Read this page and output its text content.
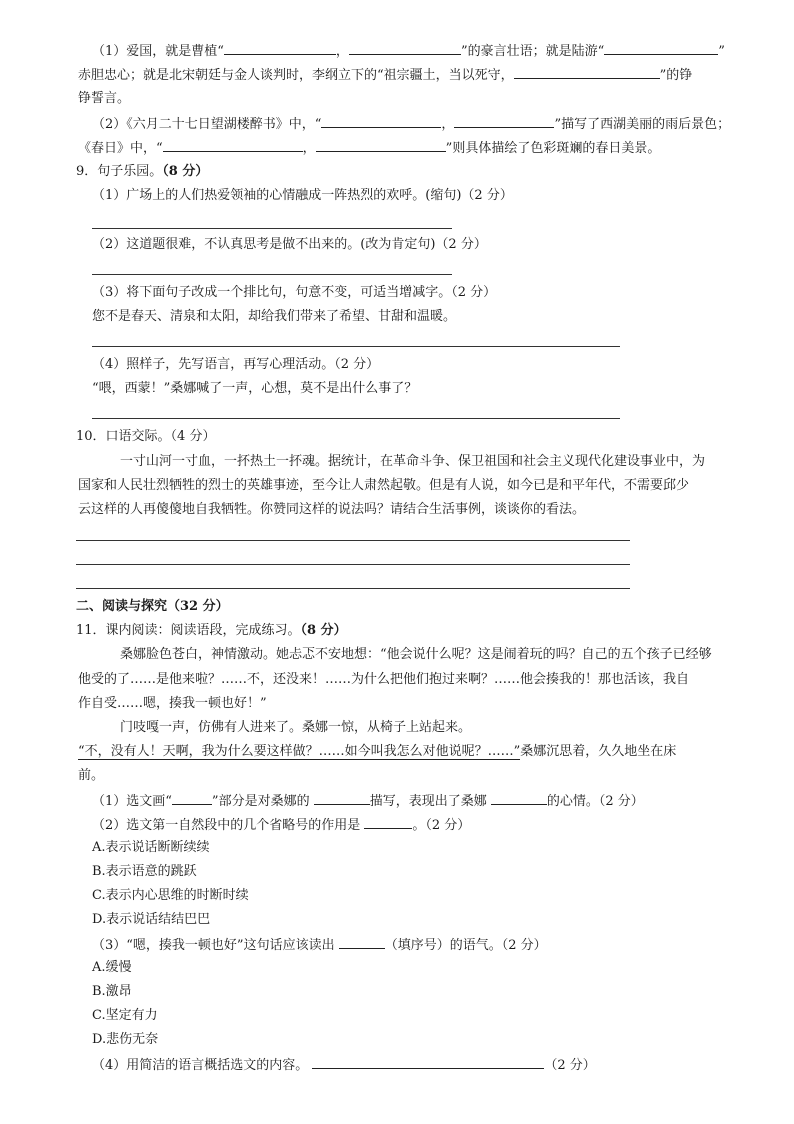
（1）爱国，就是曹植“	，	”的豪言壮语；就是陆游“	”
赤胆忠心；就是北宋朝廷与金人谈判时，李纲立下的“祖宗疆土，当以死守，	”的铮
铮誓言。
（2）《六月二十七日望湖楼醉书》中，“	，	”描写了西湖美丽的雨后景色；
《春日》中，“	，	”则具体描绘了色彩斑斓的春日美景。
9．句子乐园。（8 分）
（1）广场上的人们热爱领袖的心情融成一阵热烈的欢呼。(缩句)（2 分）
（2）这道题很难，不认真思考是做不出来的。(改为肯定句)（2 分）
（3）将下面句子改成一个排比句，句意不变，可适当增减字。（2 分）
您不是春天、清泉和太阳，却给我们带来了希望、甘甜和温暖。
（4）照样子，先写语言，再写心理活动。（2 分）
“喂，西蒙！”桑娜喊了一声，心想，莫不是出什么事了？
10．口语交际。（4 分）
一寸山河一寸血，一抔热土一抔魂。据统计，在革命斗争、保卫祖国和社会主义现代化建设事业中，为
国家和人民壮烈牺牲的烈士的英雄事迹，至今让人肃然起敬。但是有人说，如今已是和平年代，不需要邱少
云这样的人再傻傻地自我牺牲。你赞同这样的说法吗？请结合生活事例，谈谈你的看法。
二、阅读与探究（32 分）
11．课内阅读：阅读语段，完成练习。（8 分）
桑娜脸色苍白，神情激动。她忐忑不安地想：“他会说什么呢？这是闹着玩的吗？自己的五个孩子已经够
他受的了……是他来啦？……不，还没来！……为什么把他们抱过来啊？……他会揍我的！那也活该，我自
作自受……嗯，揍我一顿也好！”
门吱嘎一声，仿佛有人进来了。桑娜一惊，从椅子上站起来。
“不，没有人！天啊，我为什么要这样做？……如今叫我怎么对他说呢？……”桑娜沉思着，久久地坐在床
前。
（1）选文画“	”部分是对桑娜的	描写，表现出了桑娜	的心情。（2 分）
（2）选文第一自然段中的几个省略号的作用是	。（2 分）
A.表示说话断断续续
B.表示语意的跳跃
C.表示内心思维的时断时续
D.表示说话结结巴巴
（3）“嗯，揍我一顿也好”这句话应该读出	（填序号）的语气。（2 分）
A.缓慢
B.激昂
C.坚定有力
D.悲伤无奈
（4）用简洁的语言概括选文的内容。	（2 分）
